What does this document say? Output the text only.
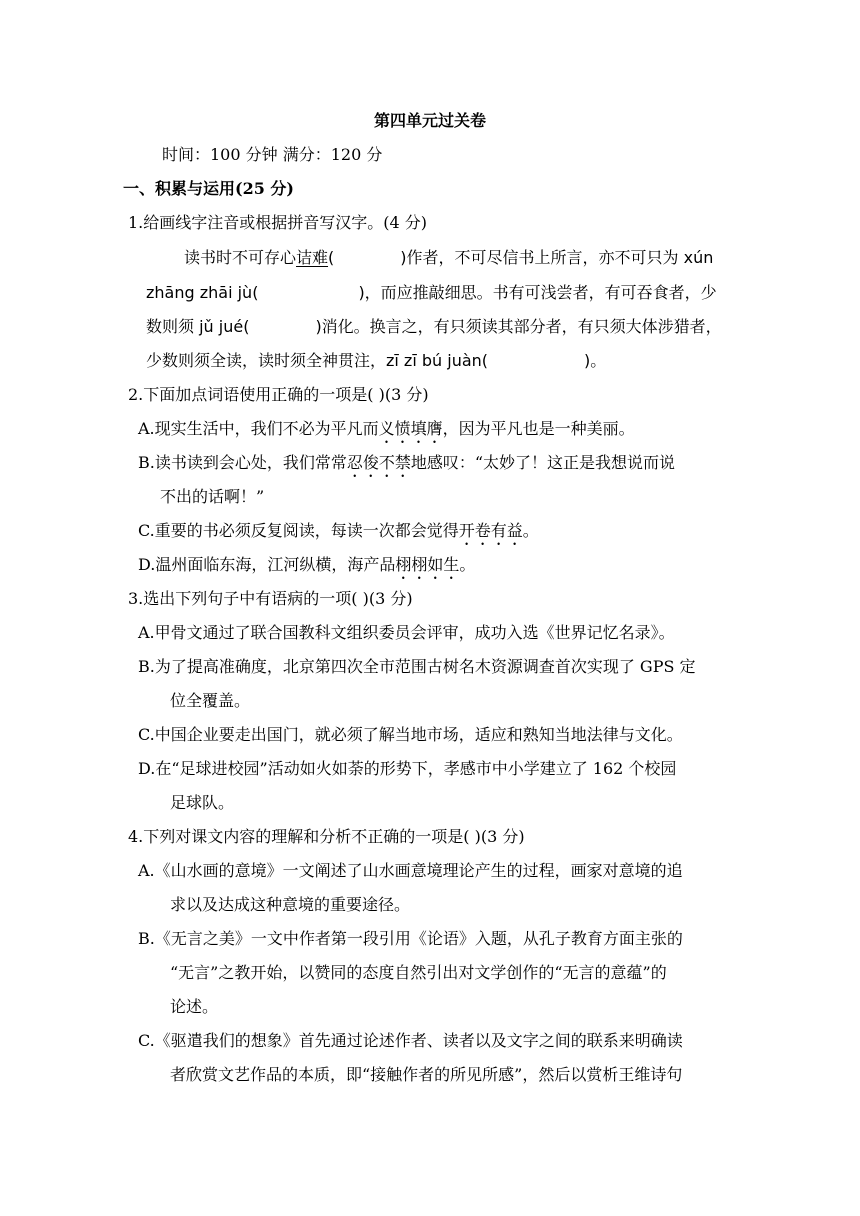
第四单元过关卷
时间：100 分钟 满分：120 分
一、积累与运用(25 分)
1.给画线字注音或根据拼音写汉字。(4 分)
读书时不可存心诘难(	)作者，不可尽信书上所言，亦不可只为 xún
zhāng zhāi jù(	)，而应推敲细思。书有可浅尝者，有可吞食者，少
数则须 jǔ jué(	)消化。换言之，有只须读其部分者，有只须大体涉猎者，
少数则须全读，读时须全神贯注，zī zī bú juàn(	)。
2.下面加点词语使用正确的一项是( )(3 分)
A.现实生活中，我们不必为平凡而义愤填膺，因为平凡也是一种美丽。
B.读书读到会心处，我们常常忍俊不禁地感叹：“太妙了！这正是我想说而说
不出的话啊！”
C.重要的书必须反复阅读，每读一次都会觉得开卷有益。
D.温州面临东海，江河纵横，海产品栩栩如生。
3.选出下列句子中有语病的一项( )(3 分)
A.甲骨文通过了联合国教科文组织委员会评审，成功入选《世界记忆名录》。
B.为了提高准确度，北京第四次全市范围古树名木资源调查首次实现了 GPS 定
位全覆盖。
C.中国企业要走出国门，就必须了解当地市场，适应和熟知当地法律与文化。
D.在“足球进校园”活动如火如荼的形势下，孝感市中小学建立了 162 个校园
足球队。
4.下列对课文内容的理解和分析不正确的一项是( )(3 分)
A.《山水画的意境》一文阐述了山水画意境理论产生的过程，画家对意境的追
求以及达成这种意境的重要途径。
B.《无言之美》一文中作者第一段引用《论语》入题，从孔子教育方面主张的
“无言”之教开始，以赞同的态度自然引出对文学创作的“无言的意蕴”的
论述。
C.《驱遣我们的想象》首先通过论述作者、读者以及文字之间的联系来明确读
者欣赏文艺作品的本质，即“接触作者的所见所感”，然后以赏析王维诗句
